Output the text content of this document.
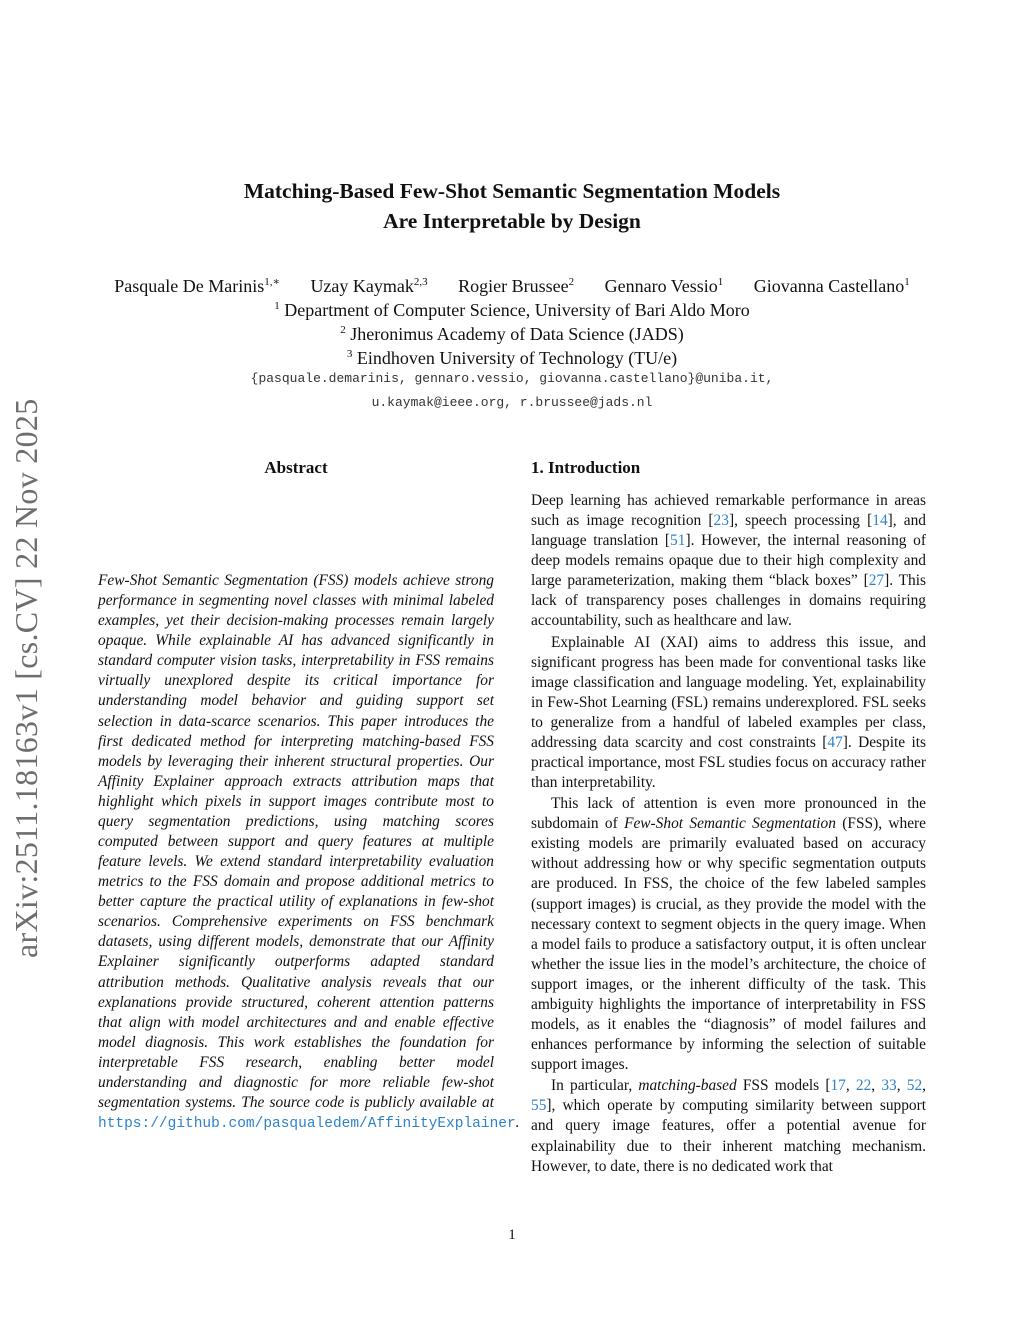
arXiv:2511.18163v1 [cs.CV] 22 Nov 2025
Matching-Based Few-Shot Semantic Segmentation Models
Are Interpretable by Design
Pasquale De Marinis$^{1,∗}$ Uzay Kaymak$^{2,3}$ Rogier Brussee$^2$ Gennaro Vessio$^1$ Giovanna Castellano$^1$
$^1$ Department of Computer Science, University of Bari Aldo Moro
$^2$ Jheronimus Academy of Data Science (JADS)
$^3$ Eindhoven University of Technology (TU/e)
{pasquale.demarinis, gennaro.vessio, giovanna.castellano}@uniba.it,
u.kaymak@ieee.org, r.brussee@jads.nl
Abstract	1. Introduction
Few-Shot Semantic Segmentation (FSS) models achieve strong performance in segmenting novel classes with minimal labeled examples, yet their decision-making processes remain largely opaque. While explainable AI has advanced significantly in standard computer vision tasks, interpretability in FSS remains virtually unexplored despite its critical importance for understanding model behavior and guiding support set selection in data-scarce scenarios. This paper introduces the first dedicated method for interpreting matching-based FSS models by leveraging their inherent structural properties. Our Affinity Explainer approach extracts attribution maps that highlight which pixels in support images contribute most to query segmentation predictions, using matching scores computed between support and query features at multiple feature levels. We extend standard interpretability evaluation metrics to the FSS domain and propose additional metrics to better capture the practical utility of explanations in few-shot scenarios. Comprehensive experiments on FSS benchmark datasets, using different models, demonstrate that our Affinity Explainer significantly outperforms adapted standard attribution methods. Qualitative analysis reveals that our explanations provide structured, coherent attention patterns that align with model architectures and and enable effective model diagnosis. This work establishes the foundation for interpretable FSS research, enabling better model understanding and diagnostic for more reliable few-shot segmentation systems. The source code is publicly available at https://github.com/pasqualedem/AffinityExplainer.

Deep learning has achieved remarkable performance in areas such as image recognition [23], speech processing [14], and language translation [51]. However, the internal reasoning of deep models remains opaque due to their high complexity and large parameterization, making them “black boxes” [27]. This lack of transparency poses challenges in domains requiring accountability, such as healthcare and law.

Explainable AI (XAI) aims to address this issue, and significant progress has been made for conventional tasks like image classification and language modeling. Yet, explainability in Few-Shot Learning (FSL) remains underexplored. FSL seeks to generalize from a handful of labeled examples per class, addressing data scarcity and cost constraints [47]. Despite its practical importance, most FSL studies focus on accuracy rather than interpretability.

This lack of attention is even more pronounced in the subdomain of Few-Shot Semantic Segmentation (FSS), where existing models are primarily evaluated based on accuracy without addressing how or why specific segmentation outputs are produced. In FSS, the choice of the few labeled samples (support images) is crucial, as they provide the model with the necessary context to segment objects in the query image. When a model fails to produce a satisfactory output, it is often unclear whether the issue lies in the model’s architecture, the choice of support images, or the inherent difficulty of the task. This ambiguity highlights the importance of interpretability in FSS models, as it enables the “diagnosis” of model failures and enhances performance by informing the selection of suitable support images.

In particular, matching-based FSS models [17, 22, 33, 52, 55], which operate by computing similarity between support and query image features, offer a potential avenue for explainability due to their inherent matching mechanism. However, to date, there is no dedicated work that

1
